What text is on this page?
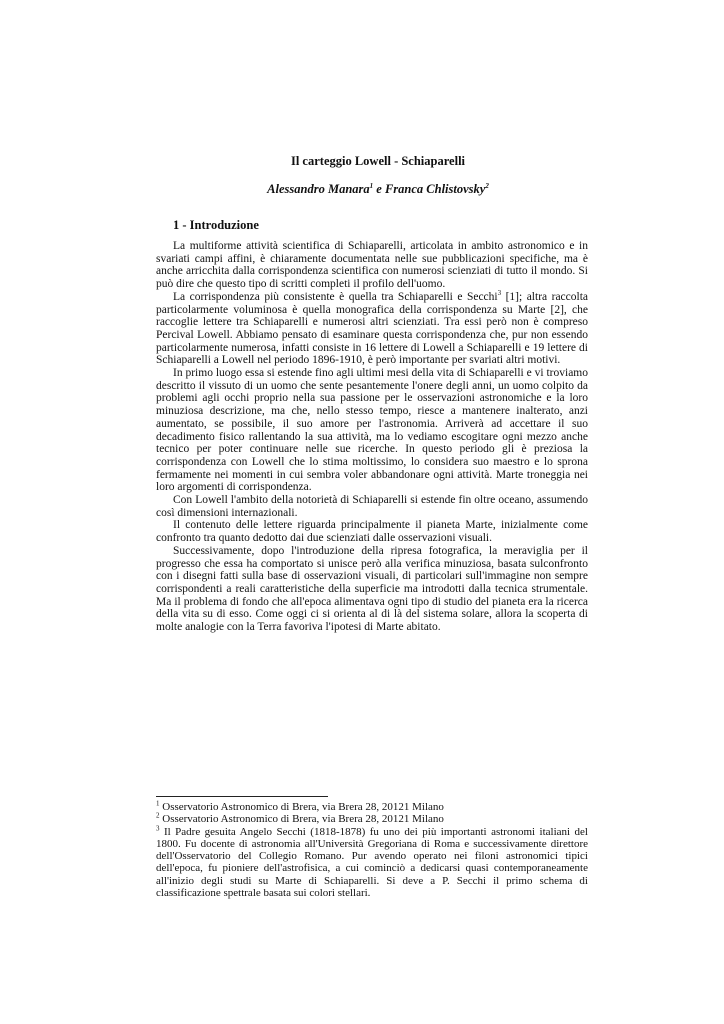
Il carteggio Lowell - Schiaparelli
Alessandro Manara$^1$ e Franca Chlistovsky$^2$
1 - Introduzione

La multiforme attività scientifica di Schiaparelli, articolata in ambito astronomico e in svariati campi affini, è chiaramente documentata nelle sue pubblicazioni specifiche, ma è anche arricchita dalla corrispondenza scientifica con numerosi scienziati di tutto il mondo. Si può dire che questo tipo di scritti completi il profilo dell'uomo.

La corrispondenza più consistente è quella tra Schiaparelli e Secchi$^3$ [1]; altra raccolta particolarmente voluminosa è quella monografica della corrispondenza su Marte [2], che raccoglie lettere tra Schiaparelli e numerosi altri scienziati. Tra essi però non è compreso Percival Lowell. Abbiamo pensato di esaminare questa corrispondenza che, pur non essendo particolarmente numerosa, infatti consiste in 16 lettere di Lowell a Schiaparelli e 19 lettere di Schiaparelli a Lowell nel periodo 1896-1910, è però importante per svariati altri motivi.

In primo luogo essa si estende fino agli ultimi mesi della vita di Schiaparelli e vi troviamo descritto il vissuto di un uomo che sente pesantemente l'onere degli anni, un uomo colpito da problemi agli occhi proprio nella sua passione per le osservazioni astronomiche e la loro minuziosa descrizione, ma che, nello stesso tempo, riesce a mantenere inalterato, anzi aumentato, se possibile, il suo amore per l'astronomia. Arriverà ad accettare il suo decadimento fisico rallentando la sua attività, ma lo vediamo escogitare ogni mezzo anche tecnico per poter continuare nelle sue ricerche. In questo periodo gli è preziosa la corrispondenza con Lowell che lo stima moltissimo, lo considera suo maestro e lo sprona fermamente nei momenti in cui sembra voler abbandonare ogni attività. Marte troneggia nei loro argomenti di corrispondenza.

Con Lowell l'ambito della notorietà di Schiaparelli si estende fin oltre oceano, assumendo così dimensioni internazionali.

Il contenuto delle lettere riguarda principalmente il pianeta Marte, inizialmente come confronto tra quanto dedotto dai due scienziati dalle osservazioni visuali.

Successivamente, dopo l'introduzione della ripresa fotografica, la meraviglia per il progresso che essa ha comportato si unisce però alla verifica minuziosa, basata sulconfronto con i disegni fatti sulla base di osservazioni visuali, di particolari sull'immagine non sempre corrispondenti a reali caratteristiche della superficie ma introdotti dalla tecnica strumentale. Ma il problema di fondo che all'epoca alimentava ogni tipo di studio del pianeta era la ricerca della vita su di esso. Come oggi ci si orienta al di là del sistema solare, allora la scoperta di molte analogie con la Terra favoriva l'ipotesi di Marte abitato.

$^1$ Osservatorio Astronomico di Brera, via Brera 28, 20121 Milano

$^2$ Osservatorio Astronomico di Brera, via Brera 28, 20121 Milano

$^3$ Il Padre gesuita Angelo Secchi (1818-1878) fu uno dei più importanti astronomi italiani del 1800. Fu docente di astronomia all'Università Gregoriana di Roma e successivamente direttore dell'Osservatorio del Collegio Romano. Pur avendo operato nei filoni astronomici tipici dell'epoca, fu pioniere dell'astrofisica, a cui cominciò a dedicarsi quasi contemporaneamente all'inizio degli studi su Marte di Schiaparelli. Si deve a P. Secchi il primo schema di classificazione spettrale basata sui colori stellari.
